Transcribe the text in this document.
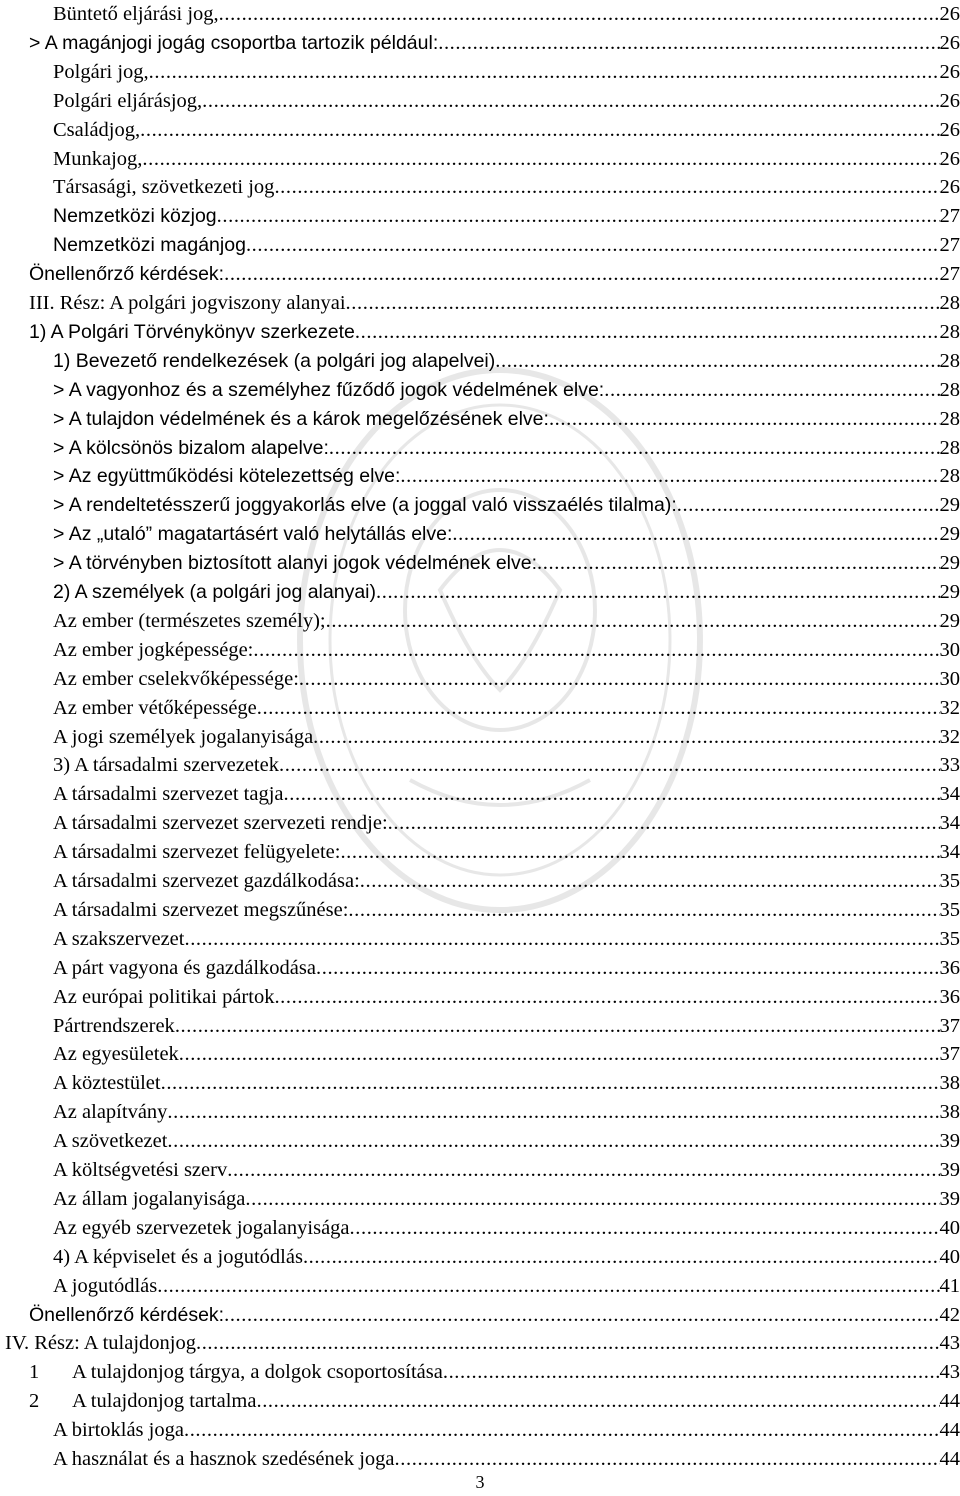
Büntető eljárási jog, .....	26
> A magánjogi jogág csoportba tartozik például: .....	26
Polgári jog, .....	26
Polgári eljárásjog, .....	26
Családjog, .....	26
Munkajog, .....	26
Társasági, szövetkezeti jog .....	26
Nemzetközi közjog .....	27
Nemzetközi magánjog .....	27
Önellenőrző kérdések: .....	27
III. Rész: A polgári jogviszony alanyai .....	28
1) A Polgári Törvénykönyv szerkezete .....	28
1) Bevezető rendelkezések (a polgári jog alapelvei) .....	28
> A vagyonhoz és a személyhez fűződő jogok védelmének elve: .....	28
> A tulajdon védelmének és a károk megelőzésének elve: .....	28
> A kölcsönös bizalom alapelve: .....	28
> Az együttműködési kötelezettség elve: .....	28
> A rendeltetésszerű joggyakorlás elve (a joggal való visszaélés tilalma): .....	29
> Az „utaló” magatartásért való helytállás elve: .....	29
> A törvényben biztosított alanyi jogok védelmének elve: .....	29
2) A személyek (a polgári jog alanyai) .....	29
Az ember (természetes személy); .....	29
Az ember jogképessége: .....	30
Az ember cselekvőképessége: .....	30
Az ember vétőképessége .....	32
A jogi személyek jogalanyisága .....	32
3) A társadalmi szervezetek .....	33
A társadalmi szervezet tagja .....	34
A társadalmi szervezet szervezeti rendje: .....	34
A társadalmi szervezet felügyelete: .....	34
A társadalmi szervezet gazdálkodása: .....	35
A társadalmi szervezet megszűnése: .....	35
A szakszervezet .....	35
A párt vagyona és gazdálkodása .....	36
Az európai politikai pártok .....	36
Pártrendszerek .....	37
Az egyesületek .....	37
A köztestület .....	38
Az alapítvány .....	38
A szövetkezet .....	39
A költségvetési szerv .....	39
Az állam jogalanyisága .....	39
Az egyéb szervezetek jogalanyisága .....	40
4) A képviselet és a jogutódlás .....	40
A jogutódlás .....	41
Önellenőrző kérdések: .....	42
IV. Rész: A tulajdonjog .....	43
1	A tulajdonjog tárgya, a dolgok csoportosítása .....	43
2	A tulajdonjog tartalma .....	44
A birtoklás joga .....	44
A használat és a hasznok szedésének joga .....	44
3
